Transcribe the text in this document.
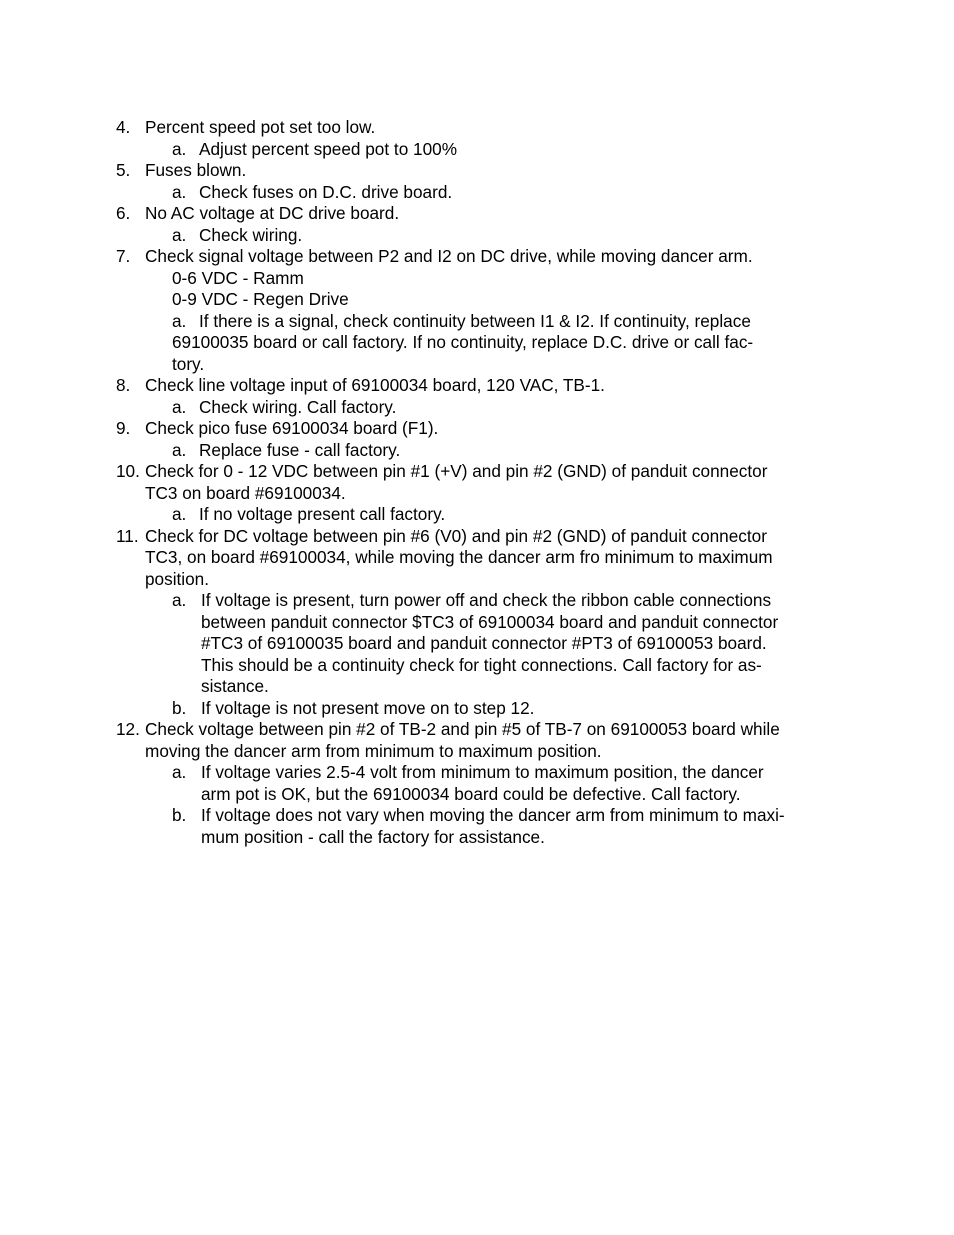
4. Percent speed pot set too low.
a. Adjust percent speed pot to 100%
5. Fuses blown.
a. Check fuses on D.C. drive board.
6. No AC voltage at DC drive board.
a. Check wiring.
7. Check signal voltage between P2 and I2 on DC drive, while moving dancer arm.
0-6 VDC - Ramm
0-9 VDC - Regen Drive
a. If there is a signal, check continuity between I1 & I2. If continuity, replace
69100035 board or call factory. If no continuity, replace D.C. drive or call fac-
tory.
8. Check line voltage input of 69100034 board, 120 VAC, TB-1.
a. Check wiring. Call factory.
9. Check pico fuse 69100034 board (F1).
a. Replace fuse - call factory.
10. Check for 0 - 12 VDC between pin #1 (+V) and pin #2 (GND) of panduit connector
TC3 on board #69100034.
a. If no voltage present call factory.
11. Check for DC voltage between pin #6 (V0) and pin #2 (GND) of panduit connector
TC3, on board #69100034, while moving the dancer arm fro minimum to maximum
position.
a. If voltage is present, turn power off and check the ribbon cable connections
between panduit connector $TC3 of 69100034 board and panduit connector
#TC3 of 69100035 board and panduit connector #PT3 of 69100053 board.
This should be a continuity check for tight connections. Call factory for as-
sistance.
b. If voltage is not present move on to step 12.
12. Check voltage between pin #2 of TB-2 and pin #5 of TB-7 on 69100053 board while
moving the dancer arm from minimum to maximum position.
a. If voltage varies 2.5-4 volt from minimum to maximum position, the dancer
arm pot is OK, but the 69100034 board could be defective. Call factory.
b. If voltage does not vary when moving the dancer arm from minimum to maxi-
mum position - call the factory for assistance.
